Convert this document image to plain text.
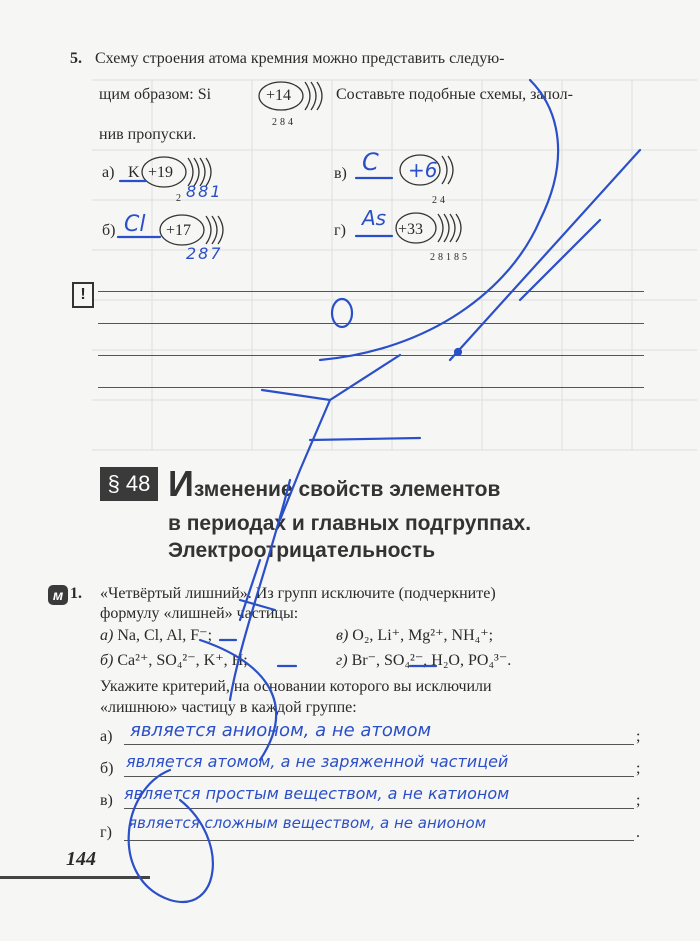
5. Схему строения атома кремния можно представить следую-
щим образом: Si	Составьте подобные схемы, запол-
нив пропуски.
+14
284
а) K +19
2 881
б) Cl +17
287
в) C +6
24
г)
As +33
28185
!
§ 48 Изменение свойств элементов
в периодах и главных подгруппах.
Электроотрицательность
м 1. «Четвёртый лишний». Из групп исключите (подчеркните)
формулу «лишней» частицы:
а) Na, Cl, Al, F⁻;	в) O₂, Li⁺, Mg²⁺, NH₄⁺;
б) Ca²⁺, SO₄²⁻, K⁺, H;	г) Br⁻, SO₄²⁻, H₂O, PO₄³⁻.
Укажите критерий, на основании которого вы исключили
«лишнюю» частицу в каждой группе:
а)	;
является анионом, а не атомом
б)	;
является атомом, а не заряженной частицей
в)	;
является простым веществом, а не катионом
г)	.
является сложным веществом, а не анионом
144
